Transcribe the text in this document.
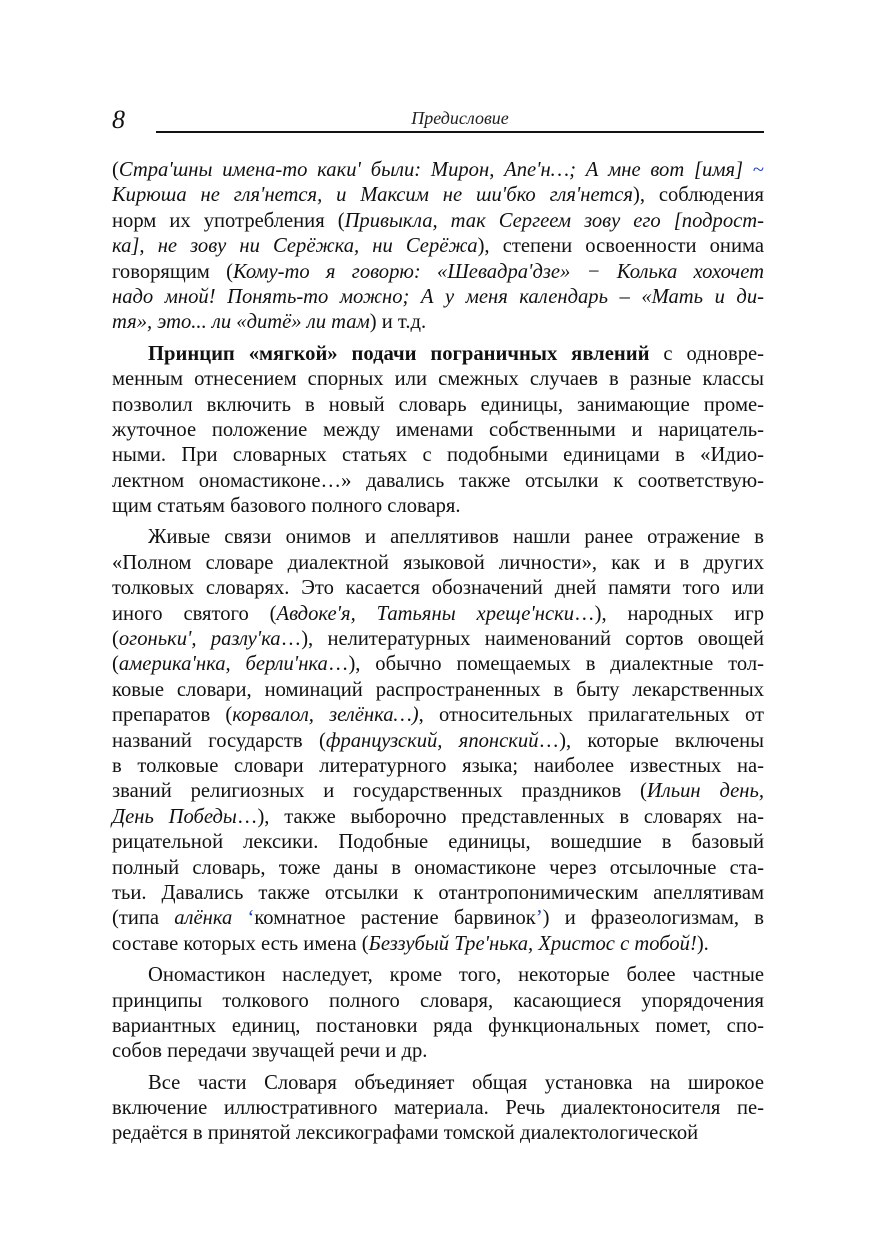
8	Предисловие
(Стра'шны имена-то каки' были: Мирон, Апе'н…; А мне вот [имя] ~
Кирюша не гля'нется, и Максим не ши'бко гля'нется), соблюдения
норм их употребления (Привыкла, так Сергеем зову его [подрост-
ка], не зову ни Серёжка, ни Серёжа), степени освоенности онима
говорящим (Кому-то я говорю: «Шевадра'дзе» − Колька хохочет
надо мной! Понять-то можно; А у меня календарь – «Мать и ди-
тя», это... ли «дитё» ли там) и т.д.
Принцип «мягкой» подачи пограничных явлений с одновре-
менным отнесением спорных или смежных случаев в разные классы
позволил включить в новый словарь единицы, занимающие проме-
жуточное положение между именами собственными и нарицатель-
ными. При словарных статьях с подобными единицами в «Идио-
лектном ономастиконе…» давались также отсылки к соответствую-
щим статьям базового полного словаря.
Живые связи онимов и апеллятивов нашли ранее отражение в
«Полном словаре диалектной языковой личности», как и в других
толковых словарях. Это касается обозначений дней памяти того или
иного святого (Авдоке'я, Татьяны хреще'нски…), народных игр
(огоньки', разлу'ка…), нелитературных наименований сортов овощей
(америка'нка, берли'нка…), обычно помещаемых в диалектные тол-
ковые словари, номинаций распространенных в быту лекарственных
препаратов (корвалол, зелёнка…), относительных прилагательных от
названий государств (французский, японский…), которые включены
в толковые словари литературного языка; наиболее известных на-
званий религиозных и государственных праздников (Ильин день,
День Победы…), также выборочно представленных в словарях на-
рицательной лексики. Подобные единицы, вошедшие в базовый
полный словарь, тоже даны в ономастиконе через отсылочные ста-
тьи. Давались также отсылки к отантропонимическим апеллятивам
(типа алёнка ʻкомнатное растение барвинокʼ) и фразеологизмам, в
составе которых есть имена (Беззубый Тре'нька, Христос с тобой!).
Ономастикон наследует, кроме того, некоторые более частные
принципы толкового полного словаря, касающиеся упорядочения
вариантных единиц, постановки ряда функциональных помет, спо-
собов передачи звучащей речи и др.
Все части Словаря объединяет общая установка на широкое
включение иллюстративного материала. Речь диалектоносителя пе-
редаётся в принятой лексикографами томской диалектологической
